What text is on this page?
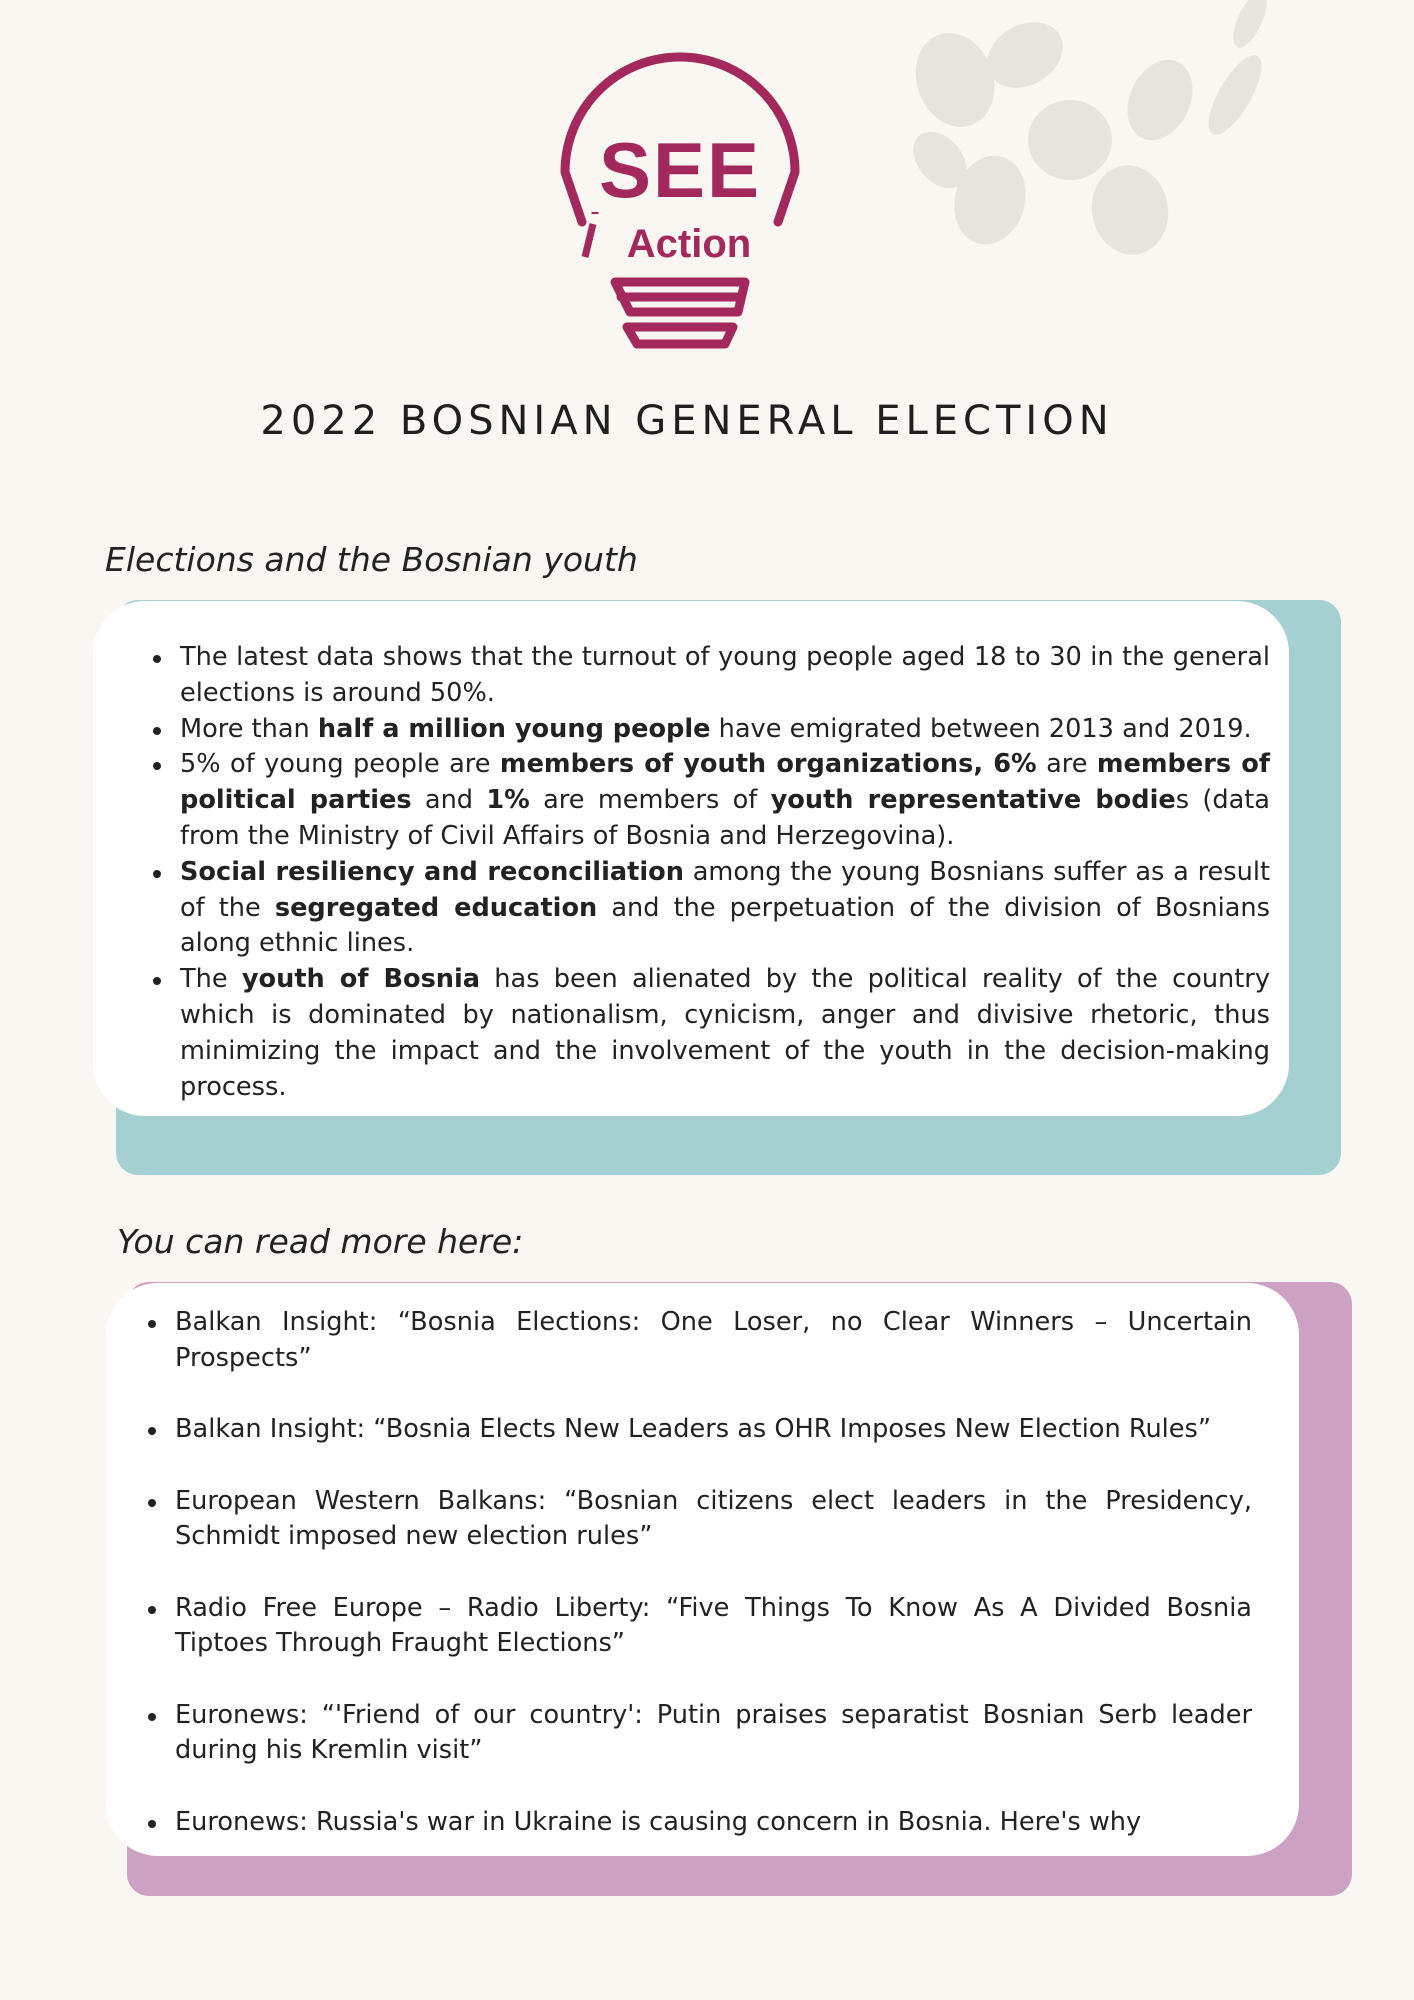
SEE
Action
2022 BOSNIAN GENERAL ELECTION
Elections and the Bosnian youth
The latest data shows that the turnout of young people aged 18 to 30 in the general elections is around 50%.
More than half a million young people have emigrated between 2013 and 2019.
5% of young people are members of youth organizations, 6% are members of political parties and 1% are members of youth representative bodies (data from the Ministry of Civil Affairs of Bosnia and Herzegovina).
Social resiliency and reconciliation among the young Bosnians suffer as a result of the segregated education and the perpetuation of the division of Bosnians along ethnic lines.
The youth of Bosnia has been alienated by the political reality of the country which is dominated by nationalism, cynicism, anger and divisive rhetoric, thus minimizing the impact and the involvement of the youth in the decision-making process.
You can read more here:
Balkan Insight: “Bosnia Elections: One Loser, no Clear Winners – Uncertain Prospects”
Balkan Insight: “Bosnia Elects New Leaders as OHR Imposes New Election Rules”
European Western Balkans: “Bosnian citizens elect leaders in the Presidency, Schmidt imposed new election rules”
Radio Free Europe – Radio Liberty: “Five Things To Know As A Divided Bosnia Tiptoes Through Fraught Elections”
Euronews: “'Friend of our country': Putin praises separatist Bosnian Serb leader during his Kremlin visit”
Euronews: Russia's war in Ukraine is causing concern in Bosnia. Here's why
